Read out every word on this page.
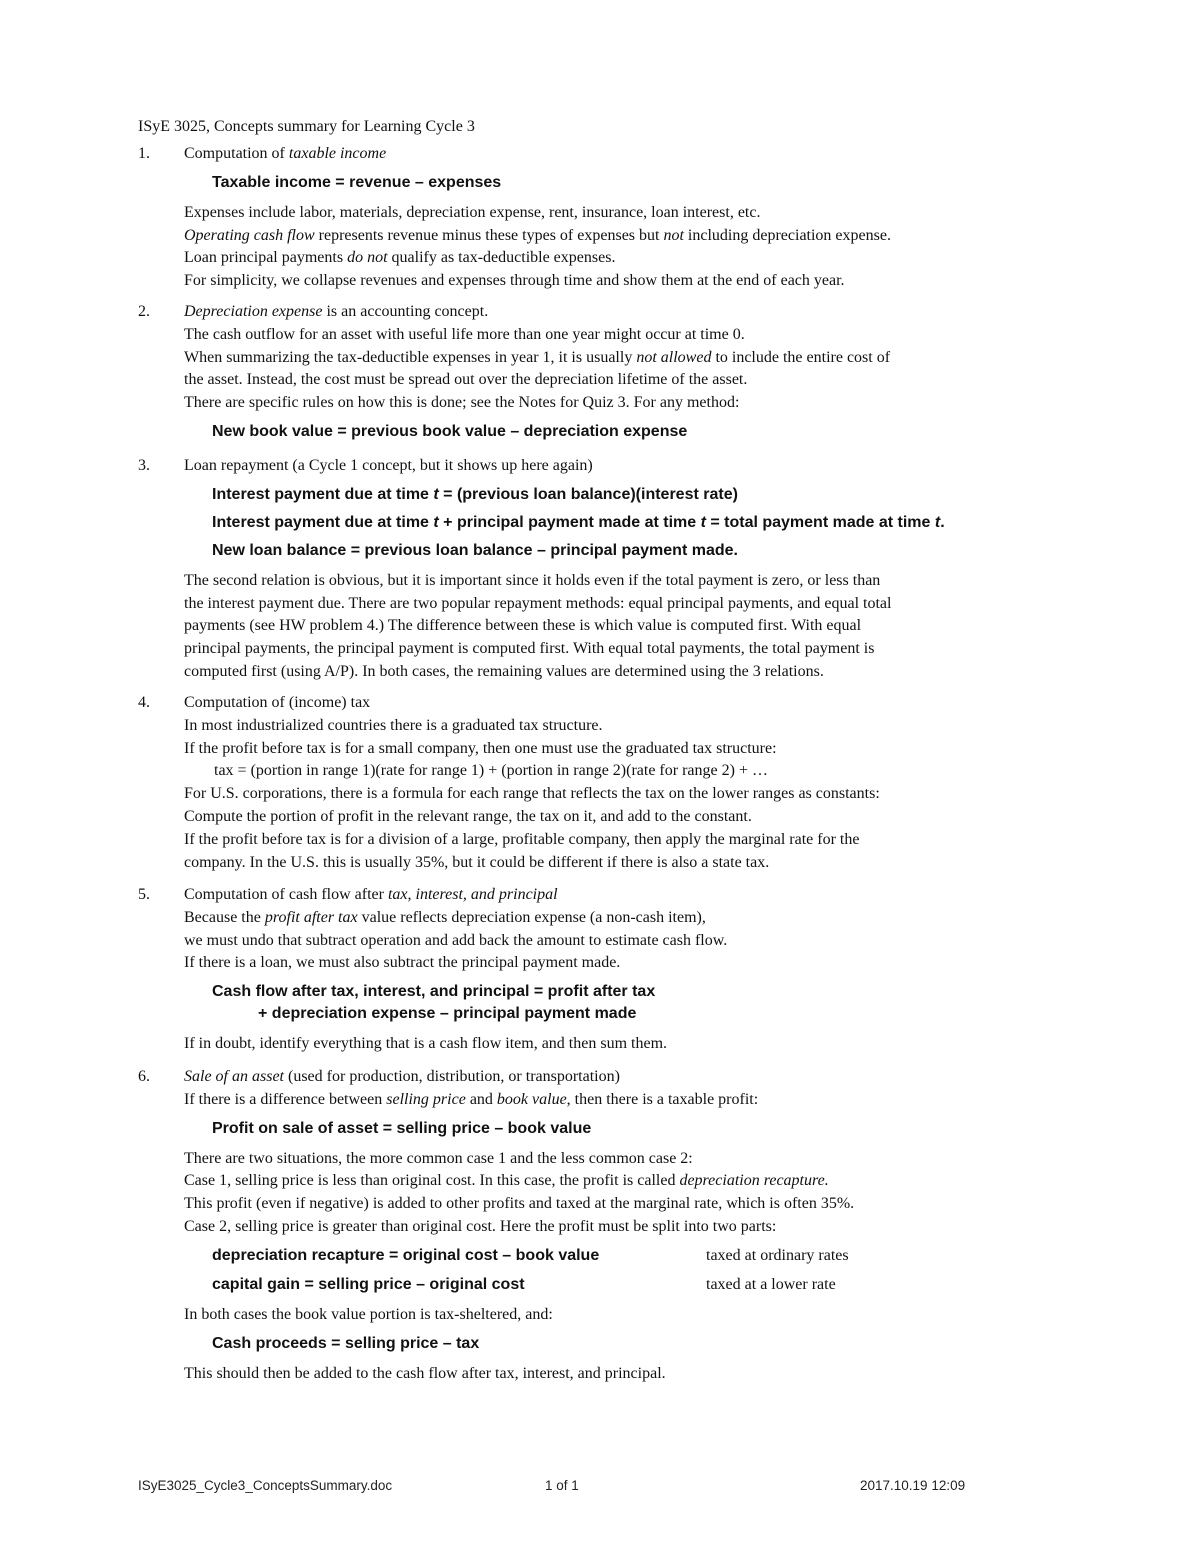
ISyE 3025, Concepts summary for Learning Cycle 3
1.	Computation of taxable income
Taxable income = revenue – expenses
Expenses include labor, materials, depreciation expense, rent, insurance, loan interest, etc.
Operating cash flow represents revenue minus these types of expenses but not including depreciation expense.
Loan principal payments do not qualify as tax-deductible expenses.
For simplicity, we collapse revenues and expenses through time and show them at the end of each year.
2.	Depreciation expense is an accounting concept.
The cash outflow for an asset with useful life more than one year might occur at time 0.
When summarizing the tax-deductible expenses in year 1, it is usually not allowed to include the entire cost of
the asset. Instead, the cost must be spread out over the depreciation lifetime of the asset.
There are specific rules on how this is done; see the Notes for Quiz 3. For any method:
New book value = previous book value – depreciation expense
3.	Loan repayment (a Cycle 1 concept, but it shows up here again)
Interest payment due at time t = (previous loan balance)(interest rate)
Interest payment due at time t + principal payment made at time t = total payment made at time t.
New loan balance = previous loan balance – principal payment made.
The second relation is obvious, but it is important since it holds even if the total payment is zero, or less than
the interest payment due. There are two popular repayment methods: equal principal payments, and equal total
payments (see HW problem 4.) The difference between these is which value is computed first. With equal
principal payments, the principal payment is computed first. With equal total payments, the total payment is
computed first (using A/P). In both cases, the remaining values are determined using the 3 relations.
4.	Computation of (income) tax
In most industrialized countries there is a graduated tax structure.
If the profit before tax is for a small company, then one must use the graduated tax structure:
tax = (portion in range 1)(rate for range 1) + (portion in range 2)(rate for range 2) + …
For U.S. corporations, there is a formula for each range that reflects the tax on the lower ranges as constants:
Compute the portion of profit in the relevant range, the tax on it, and add to the constant.
If the profit before tax is for a division of a large, profitable company, then apply the marginal rate for the
company. In the U.S. this is usually 35%, but it could be different if there is also a state tax.
5.	Computation of cash flow after tax, interest, and principal
Because the profit after tax value reflects depreciation expense (a non-cash item),
we must undo that subtract operation and add back the amount to estimate cash flow.
If there is a loan, we must also subtract the principal payment made.
Cash flow after tax, interest, and principal = profit after tax
+ depreciation expense – principal payment made
If in doubt, identify everything that is a cash flow item, and then sum them.
6.	Sale of an asset (used for production, distribution, or transportation)
If there is a difference between selling price and book value, then there is a taxable profit:
Profit on sale of asset = selling price – book value
There are two situations, the more common case 1 and the less common case 2:
Case 1, selling price is less than original cost. In this case, the profit is called depreciation recapture.
This profit (even if negative) is added to other profits and taxed at the marginal rate, which is often 35%.
Case 2, selling price is greater than original cost. Here the profit must be split into two parts:
depreciation recapture = original cost – book value	taxed at ordinary rates
capital gain = selling price – original cost	taxed at a lower rate
In both cases the book value portion is tax-sheltered, and:
Cash proceeds = selling price – tax
This should then be added to the cash flow after tax, interest, and principal.
ISyE3025_Cycle3_ConceptsSummary.doc	1 of 1	2017.10.19 12:09
